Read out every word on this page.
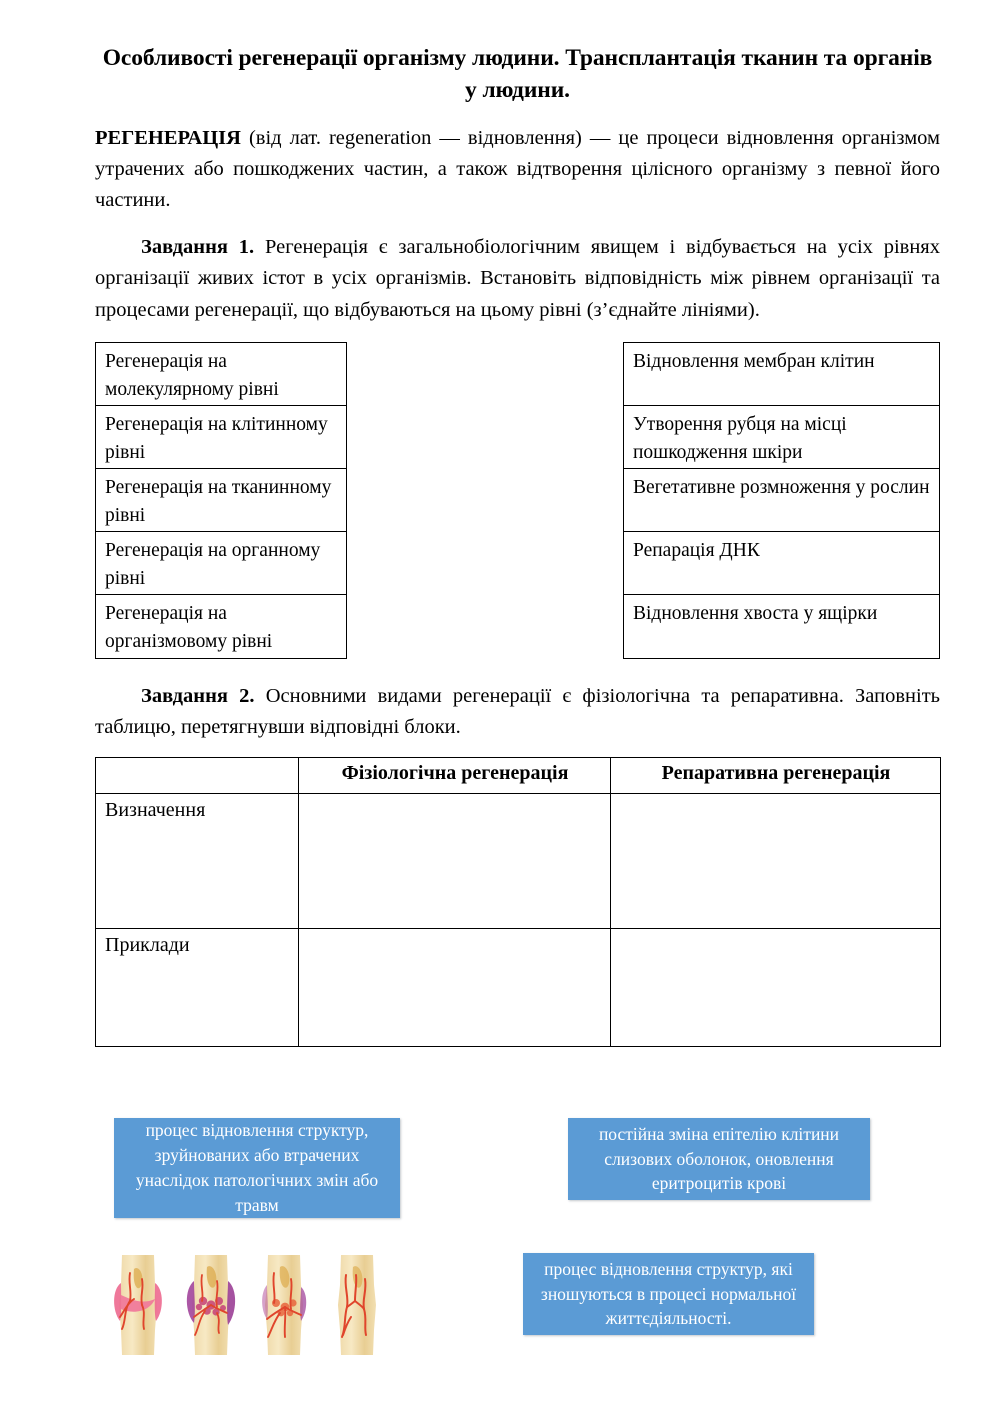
Особливості регенерації організму людини. Трансплантація тканин та органів у людини.

РЕГЕНЕРАЦІЯ (від лат. regeneration — відновлення) — це процеси відновлення організмом утрачених або пошкоджених частин, а також відтворення цілісного організму з певної його частини.

Завдання 1. Регенерація є загальнобіологічним явищем і відбувається на усіх рівнях організації живих істот в усіх організмів. Встановіть відповідність між рівнем організації та процесами регенерації, що відбуваються на цьому рівні (з’єднайте лініями).

Регенерація на молекулярному рівні
Регенерація на клітинному рівні
Регенерація на тканинному рівні
Регенерація на органному рівні
Регенерація на організмовому рівні
Відновлення мембран клітин
Утворення рубця на місці пошкодження шкіри
Вегетативне розмноження у рослин
Репарація ДНК
Відновлення хвоста у ящірки

Завдання 2. Основними видами регенерації є фізіологічна та репаративна. Заповніть таблицю, перетягнувши відповідні блоки.

	Фізіологічна регенерація	Репаративна регенерація
Визначення		
Приклади		
процес відновлення структур, зруйнованих або втрачених унаслідок патологічних змін або травм
постійна зміна епітелію клітини слизових оболонок, оновлення еритроцитів крові
процес відновлення структур, які зношуються в процесі нормальної життєдіяльності.
